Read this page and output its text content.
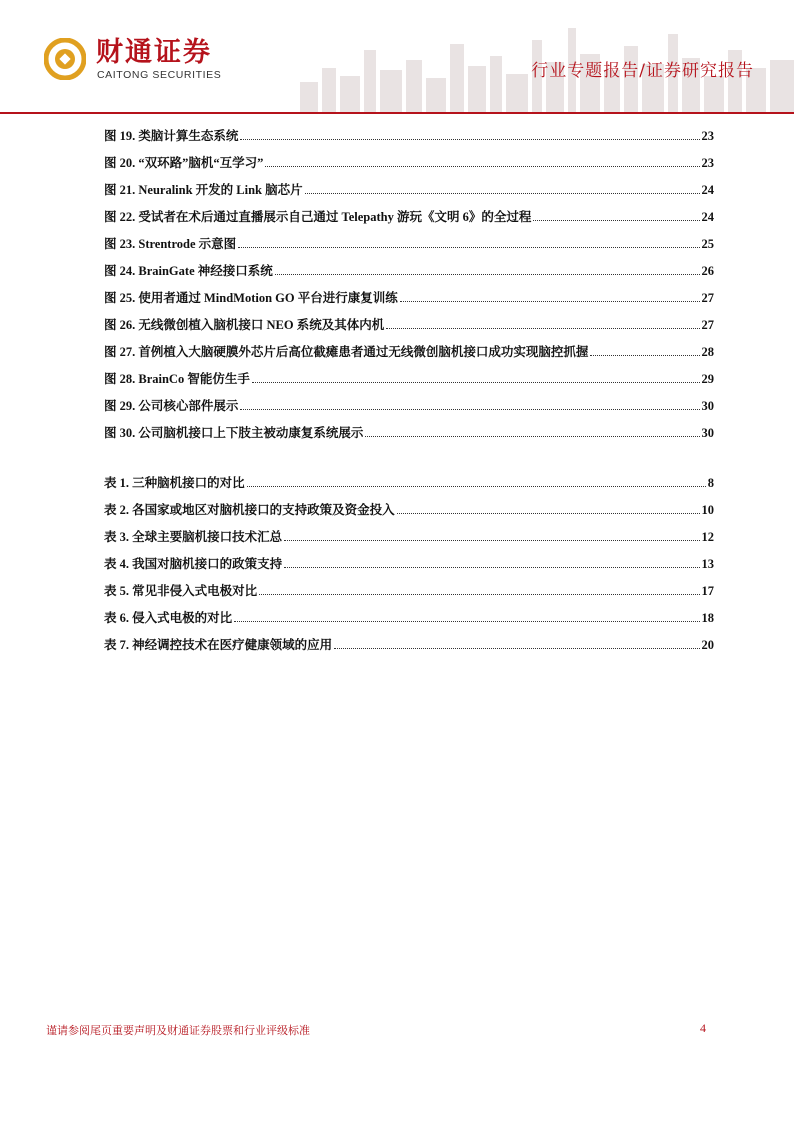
财通证券
CAITONG SECURITIES	行业专题报告/证券研究报告
图 19. 类脑计算生态系统	23
图 20. “双环路”脑机“互学习”	23
图 21. Neuralink 开发的 Link 脑芯片	24
图 22. 受试者在术后通过直播展示自己通过 Telepathy 游玩《文明 6》的全过程	24
图 23. Strentrode 示意图	25
图 24. BrainGate 神经接口系统	26
图 25. 使用者通过 MindMotion GO 平台进行康复训练	27
图 26. 无线微创植入脑机接口 NEO 系统及其体内机	27
图 27. 首例植入大脑硬膜外芯片后高位截瘫患者通过无线微创脑机接口成功实现脑控抓握	28
图 28. BrainCo 智能仿生手	29
图 29. 公司核心部件展示	30
图 30. 公司脑机接口上下肢主被动康复系统展示	30
表 1. 三种脑机接口的对比	8
表 2. 各国家或地区对脑机接口的支持政策及资金投入	10
表 3. 全球主要脑机接口技术汇总	12
表 4. 我国对脑机接口的政策支持	13
表 5. 常见非侵入式电极对比	17
表 6. 侵入式电极的对比	18
表 7. 神经调控技术在医疗健康领域的应用	20
谨请参阅尾页重要声明及财通证券股票和行业评级标准	4
